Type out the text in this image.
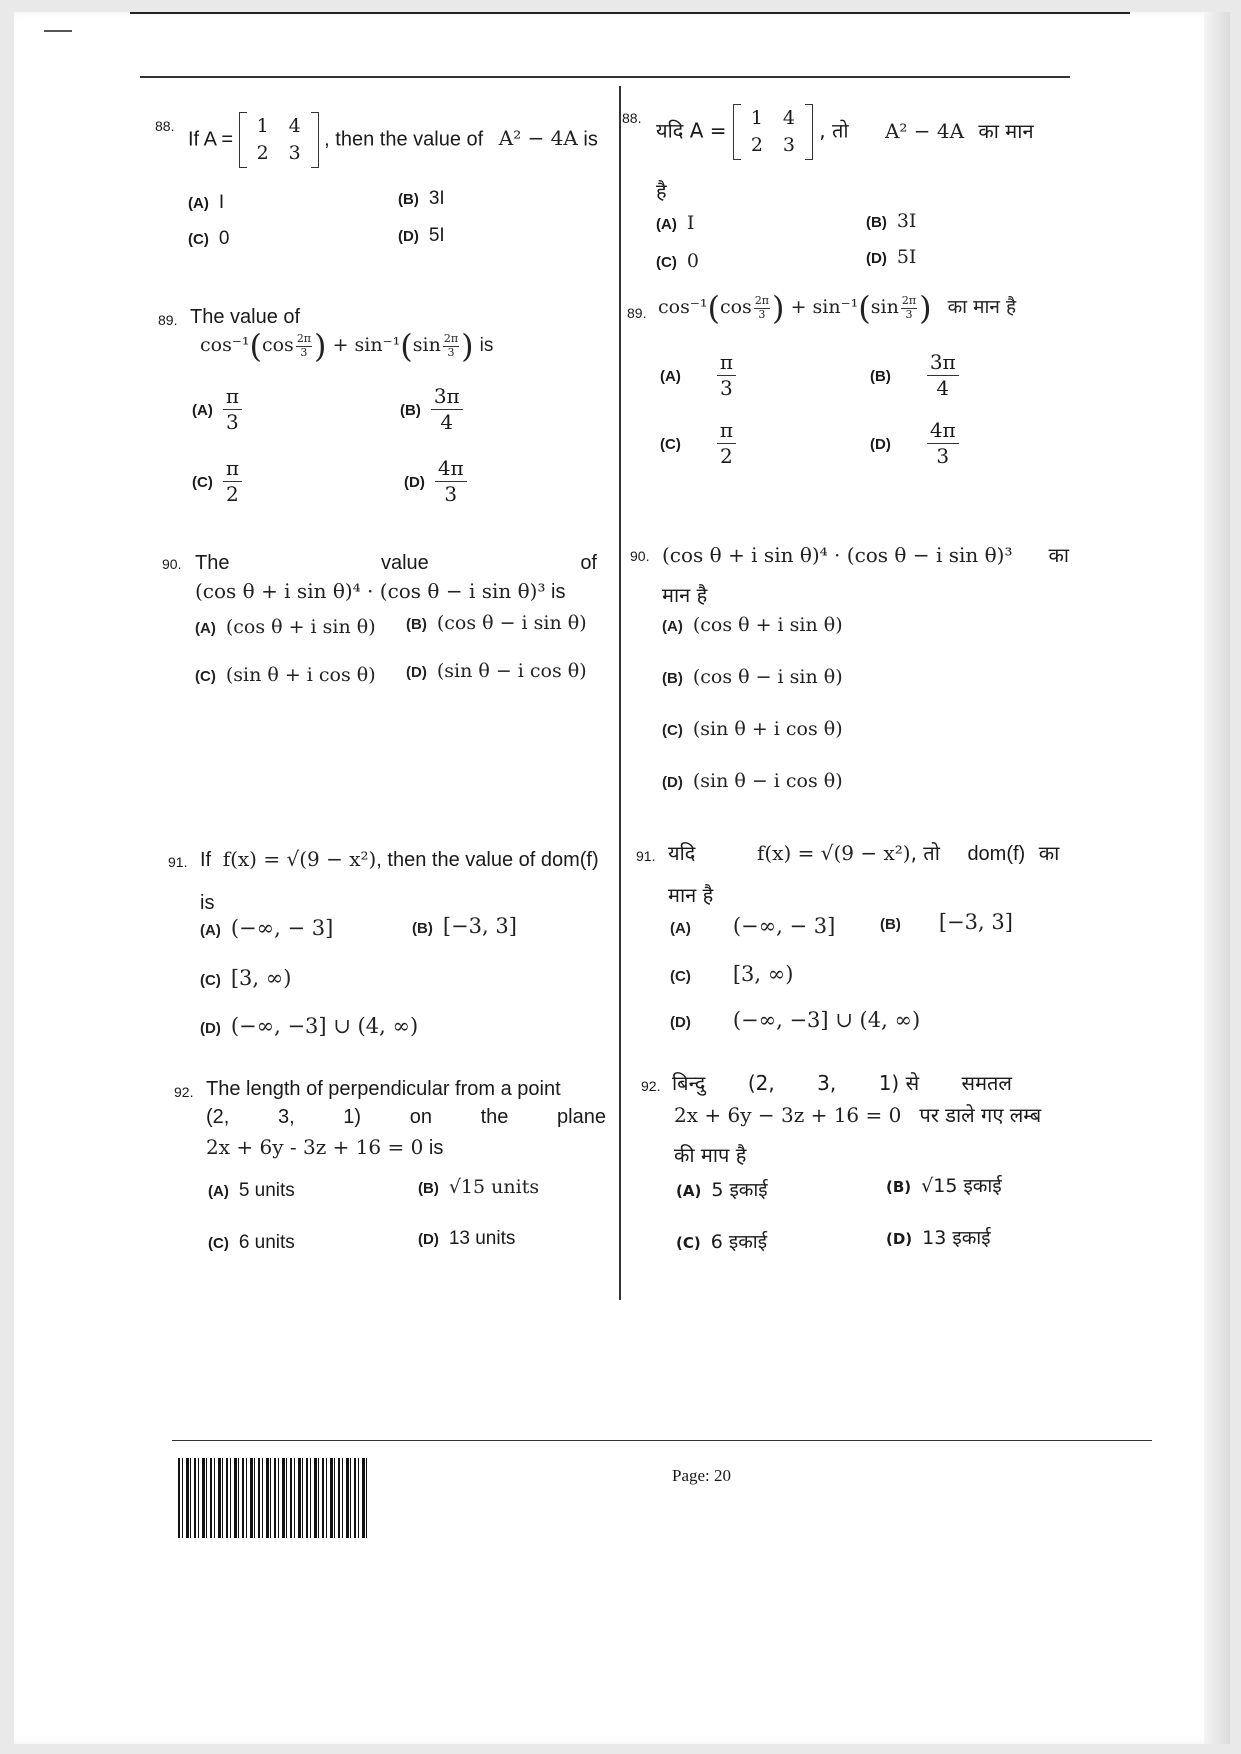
88.
If A =
1	4
2	3
, then the value of A² − 4A is
(A) I	(B) 3I
(C) 0	(D) 5I
88.
यदि A =
1	4
2	3
, तो A² − 4A का मान
है
(A) I	(B) 3I
(C) 0	(D) 5I
89. The value of
$\cos^{-1}(\cos \frac{2\pi}{3}$ ) + $\sin^{-1}(\sin \frac{2\pi}{3}$ ) is
$(A) \frac{\pi}{3}$	$(B) \frac{3\pi}{4}$
$(C) \frac{\pi}{2}$	$(D) \frac{4\pi}{3}$
89. $\cos^{-1}(\cos \frac{2\pi}{3}$ ) + $\sin^{-1}(\sin \frac{2\pi}{3}$ ) का मान है
$(A) \frac{\pi}{3}$	$(B) \frac{3\pi}{4}$
$(C) \frac{\pi}{2}$	$(D) \frac{4\pi}{3}$
90. The	value	of
(cos θ + i sin θ)⁴ · (cos θ − i sin θ)³ is
(A) (cos θ + i sin θ) (B) (cos θ − i sin θ)
(C) (sin θ + i cos θ) (D) (sin θ − i cos θ)
90. (cos θ + i sin θ)⁴ · (cos θ − i sin θ)³ का
मान है
(A) (cos θ + i sin θ)
(B) (cos θ − i sin θ)
(C) (sin θ + i cos θ)
(D) (sin θ − i cos θ)
91. If f(x) = √(9 − x²), then the value of dom(f)
is
(A) (−∞, − 3]	(B) [−3, 3]
(C) [3, ∞)
(D) (−∞, −3] ∪ (4, ∞)
91. यदि	f(x) = √(9 − x²), तो dom(f) का
मान है
(A) (−∞, − 3]	(B) [−3, 3]
(C) [3, ∞)
(D) (−∞, −3] ∪ (4, ∞)
92. The length of perpendicular from a point
(2, 3, 1) on the plane
2x + 6y - 3z + 16 = 0 is
(A) 5 units	(B) √15 units
(C) 6 units	(D) 13 units
92. बिन्दु (2, 3, 1) से समतल
2x + 6y − 3z + 16 = 0 पर डाले गए लम्ब
की माप है
(A) 5 इकाई	(B) √15 इकाई
(C) 6 इकाई	(D) 13 इकाई
Page: 20
